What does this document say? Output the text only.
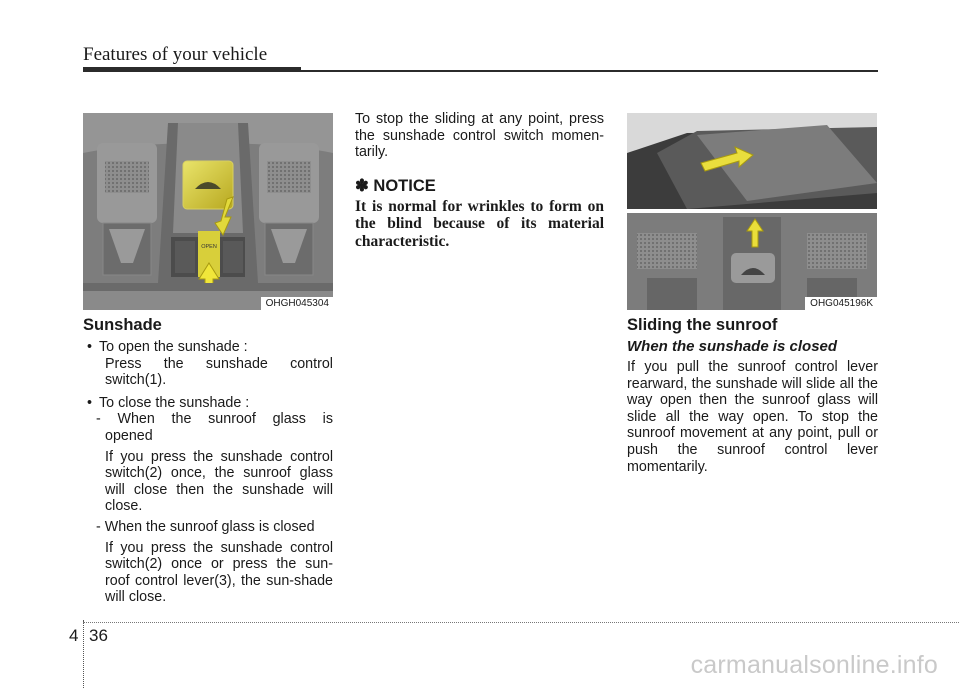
Features of your vehicle
OPEN
OHGH045304	OHG045196K
Sunshade
• To open the sunshade :
Press the sunshade control switch(1).
• To close the sunshade :
- When the sunroof glass is
opened
If you press the sunshade control switch(2) once, the sunroof glass will close then the sunshade will close.
- When the sunroof glass is closed
If you press the sunshade control switch(2) once or press the sun-roof control lever(3), the sun-shade will close.
To stop the sliding at any point, press the sunshade control switch momen-tarily.
✽ NOTICE
It is normal for wrinkles to form on the blind because of its material characteristic.
Sliding the sunroof
When the sunshade is closed
If you pull the sunroof control lever rearward, the sunshade will slide all the way open then the sunroof glass will slide all the way open. To stop the sunroof movement at any point, pull or push the sunroof control lever momentarily.
4 36
carmanualsonline.info
